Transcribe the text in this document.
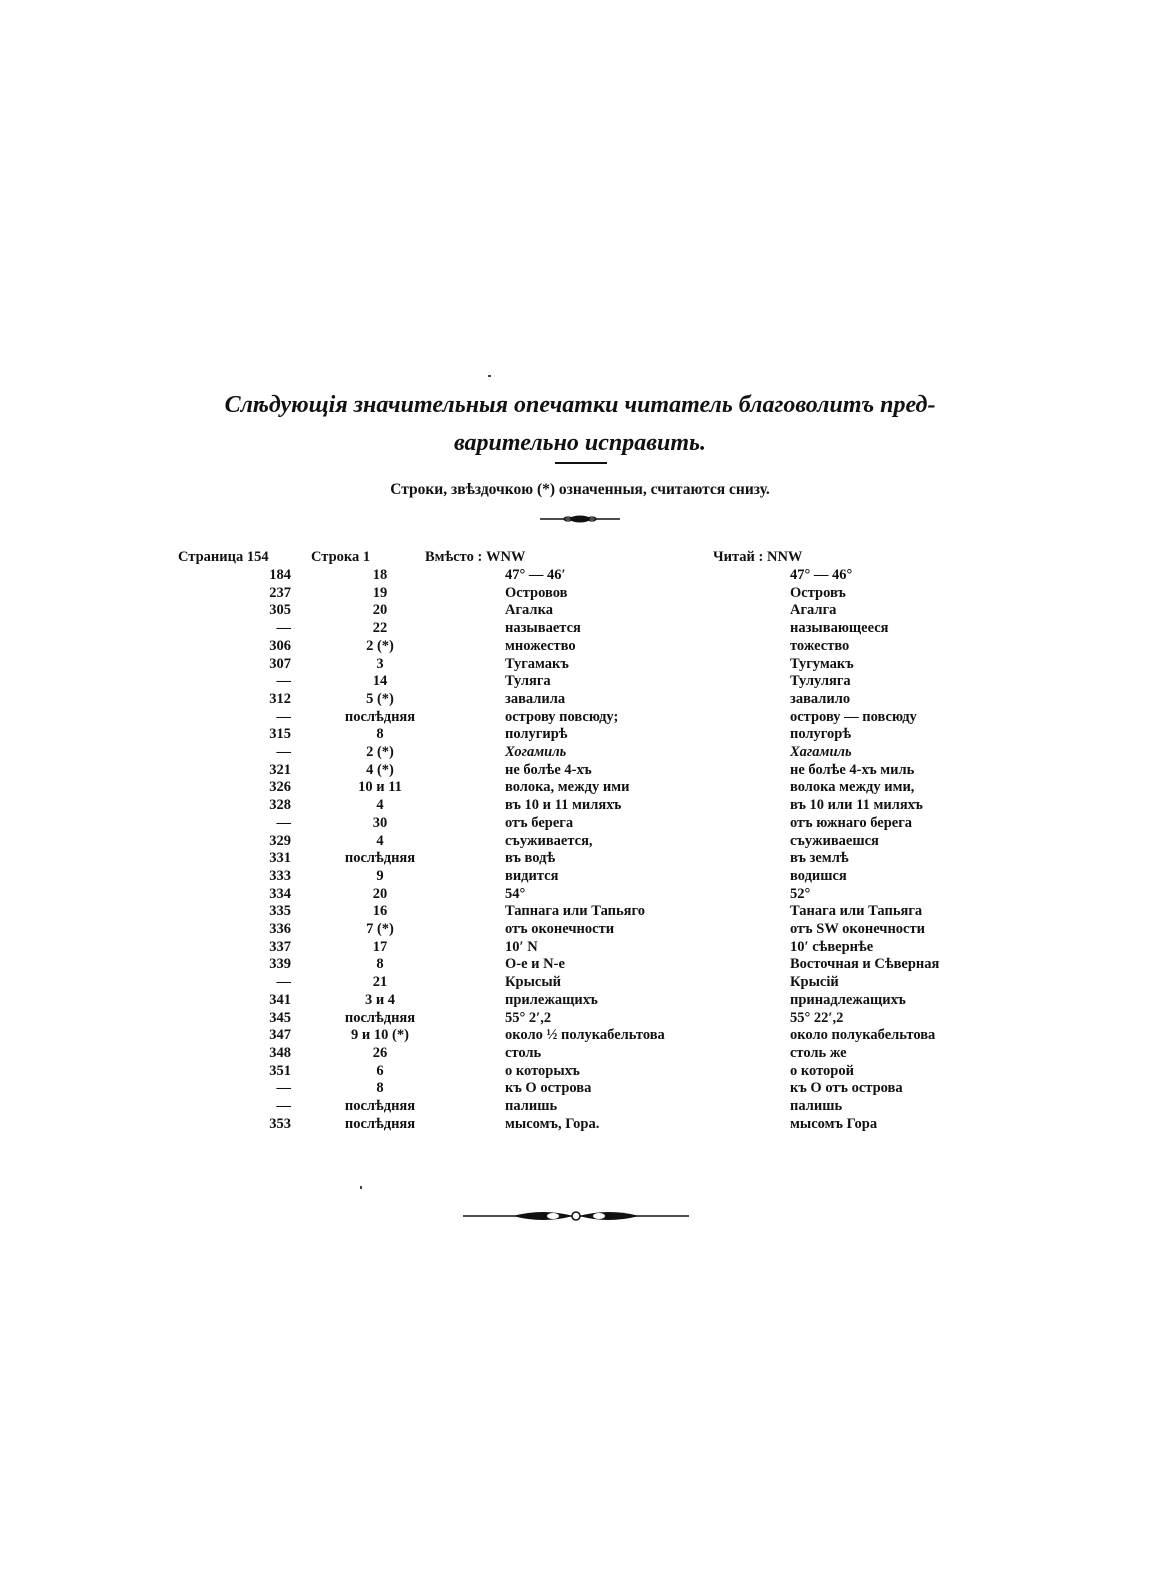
Слѣдующія значительныя опечатки читатель благоволитъ пред-
варительно исправить.
Строки, звѣздочкою (*) означенныя, считаются снизу.
Страница 154	Строка 1	Вмѣсто : WNW	Читай : NNW
184	18	47° — 46′	47° — 46°
237	19	Островов	Островъ
305	20	Агалка	Агалга
—	22	называется	называющееся
306	2 (*)	множество	тожество
307	3	Тугамакъ	Тугумакъ
—	14	Туляга	Тулуляга
312	5 (*)	завалила	завалило
—	послѣдняя	острову повсюду;	острову — повсюду
315	8	полугирѣ	полугорѣ
—	2 (*)	Хогамиль	Хагамиль
321	4 (*)	не болѣе 4-хъ	не болѣе 4-хъ миль
326	10 и 11	волока, между ими	волока между ими,
328	4	въ 10 и 11 миляхъ	въ 10 или 11 миляхъ
—	30	отъ берега	отъ южнаго берега
329	4	съуживается,	съуживаешся
331	послѣдняя	въ водѣ	въ землѣ
333	9	видится	водишся
334	20	54°	52°
335	16	Тапнага или Тапьяго	Танага или Тапьяга
336	7 (*)	отъ оконечности	отъ SW оконечности
337	17	10′ N	10′ сѣвернѣе
339	8	O-е и N-е	Восточная и Сѣверная
—	21	Крысый	Крысій
341	3 и 4	прилежащихъ	принадлежащихъ
345	послѣдняя	55° 2′,2	55° 22′,2
347	9 и 10 (*)	около ½ полукабельтова	около полукабельтова
348	26	столь	столь же
351	6	о которыхъ	о которой
—	8	къ О острова	къ О отъ острова
—	послѣдняя	палишь	палишь
353	послѣдняя	мысомъ, Гора.	мысомъ Гора
